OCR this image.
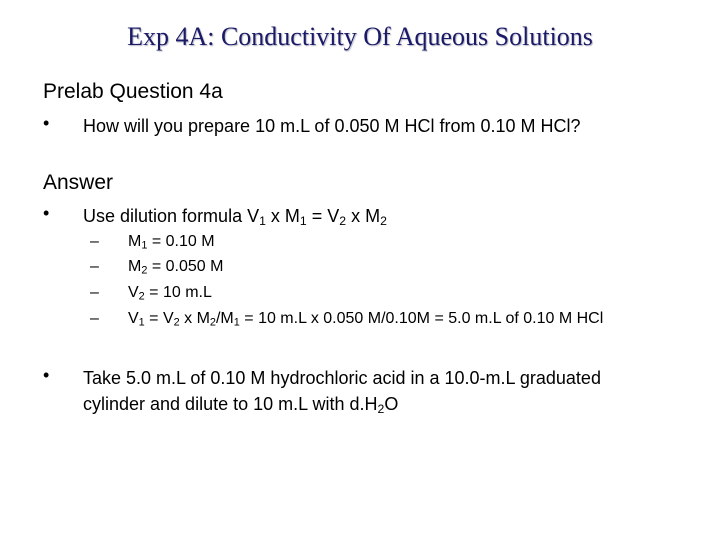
Exp 4A: Conductivity Of Aqueous Solutions
Prelab Question 4a
• How will you prepare 10 m.L of 0.050 M HCl from 0.10 M HCl?
Answer
• Use dilution formula $V_1$ x $M_1 = V_2$ x $M_2$
– $M_1 = 0.10$ M
– $M_2 = 0.050$ M
– $V_2 = 10$ m.L
– $V_1 = V_2$ x $M_2/M_1 = 10$ m.L x 0.050 M/0.10M = 5.0 m.L of 0.10 M HCl
• Take 5.0 m.L of 0.10 M hydrochloric acid in a 10.0-m.L graduated
cylinder and dilute to 10 m.L with $d.H_2O$
